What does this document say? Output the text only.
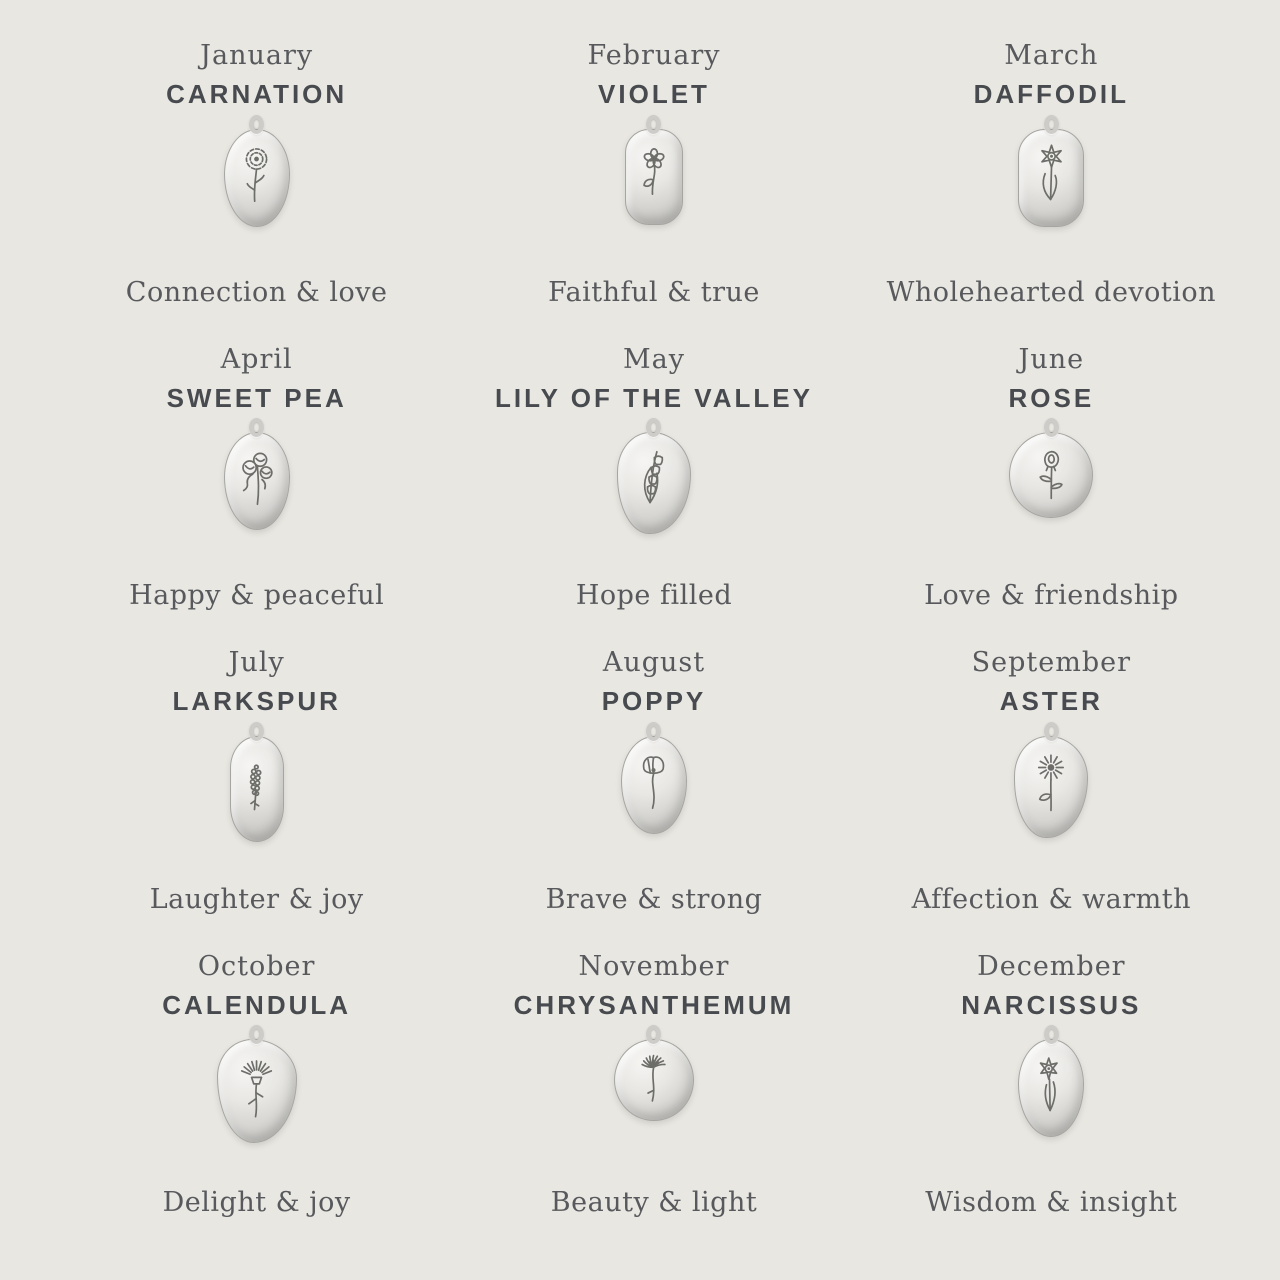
January
CARNATION
Connection & love
February
VIOLET
Faithful & true
March
DAFFODIL
Wholehearted devotion
April
SWEET PEA
Happy & peaceful
May
LILY OF THE VALLEY
Hope filled
June
ROSE
Love & friendship
July
LARKSPUR
Laughter & joy
August
POPPY
Brave & strong
September
ASTER
Affection & warmth
October
CALENDULA
Delight & joy
November
CHRYSANTHEMUM
Beauty & light
December
NARCISSUS
Wisdom & insight
